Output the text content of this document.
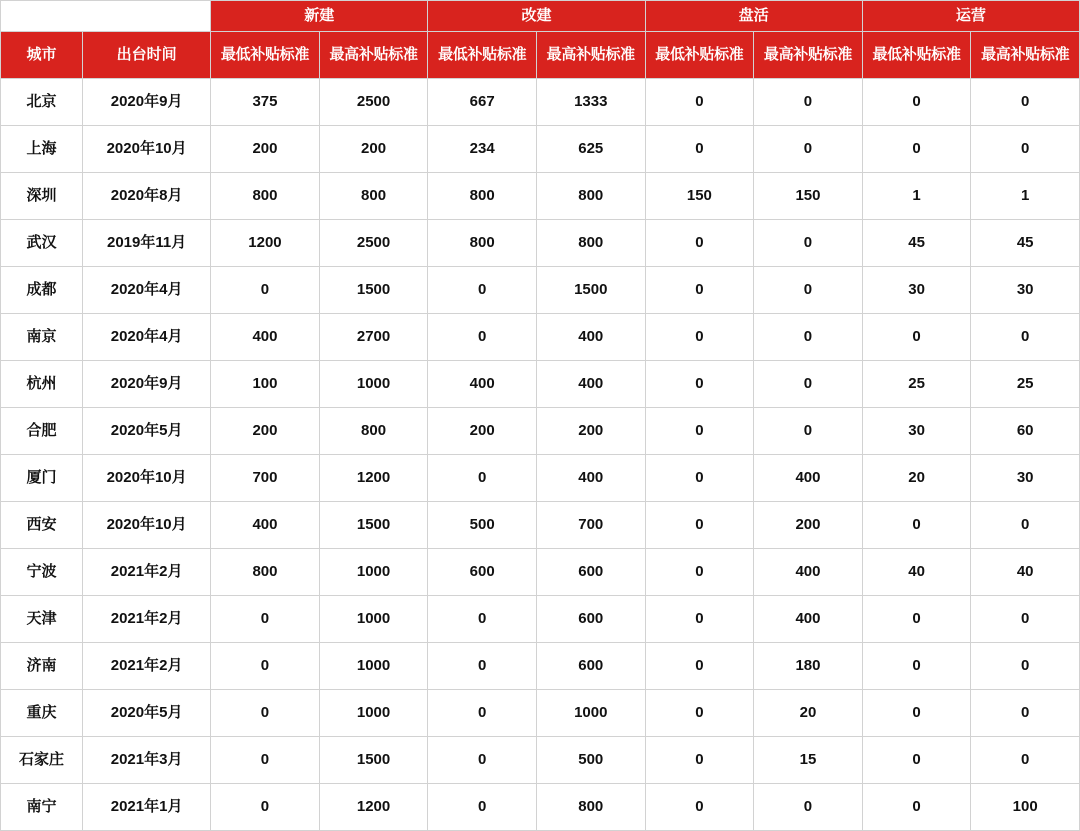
		新建		改建		盘活		运营	
城市	出台时间	最低补贴标准	最高补贴标准	最低补贴标准	最高补贴标准	最低补贴标准	最高补贴标准	最低补贴标准	最高补贴标准
北京	2020年9月	375	2500	667	1333	0	0	0	0
上海	2020年10月	200	200	234	625	0	0	0	0
深圳	2020年8月	800	800	800	800	150	150	1	1
武汉	2019年11月	1200	2500	800	800	0	0	45	45
成都	2020年4月	0	1500	0	1500	0	0	30	30
南京	2020年4月	400	2700	0	400	0	0	0	0
杭州	2020年9月	100	1000	400	400	0	0	25	25
合肥	2020年5月	200	800	200	200	0	0	30	60
厦门	2020年10月	700	1200	0	400	0	400	20	30
西安	2020年10月	400	1500	500	700	0	200	0	0
宁波	2021年2月	800	1000	600	600	0	400	40	40
天津	2021年2月	0	1000	0	600	0	400	0	0
济南	2021年2月	0	1000	0	600	0	180	0	0
重庆	2020年5月	0	1000	0	1000	0	20	0	0
石家庄	2021年3月	0	1500	0	500	0	15	0	0
南宁	2021年1月	0	1200	0	800	0	0	0	100
